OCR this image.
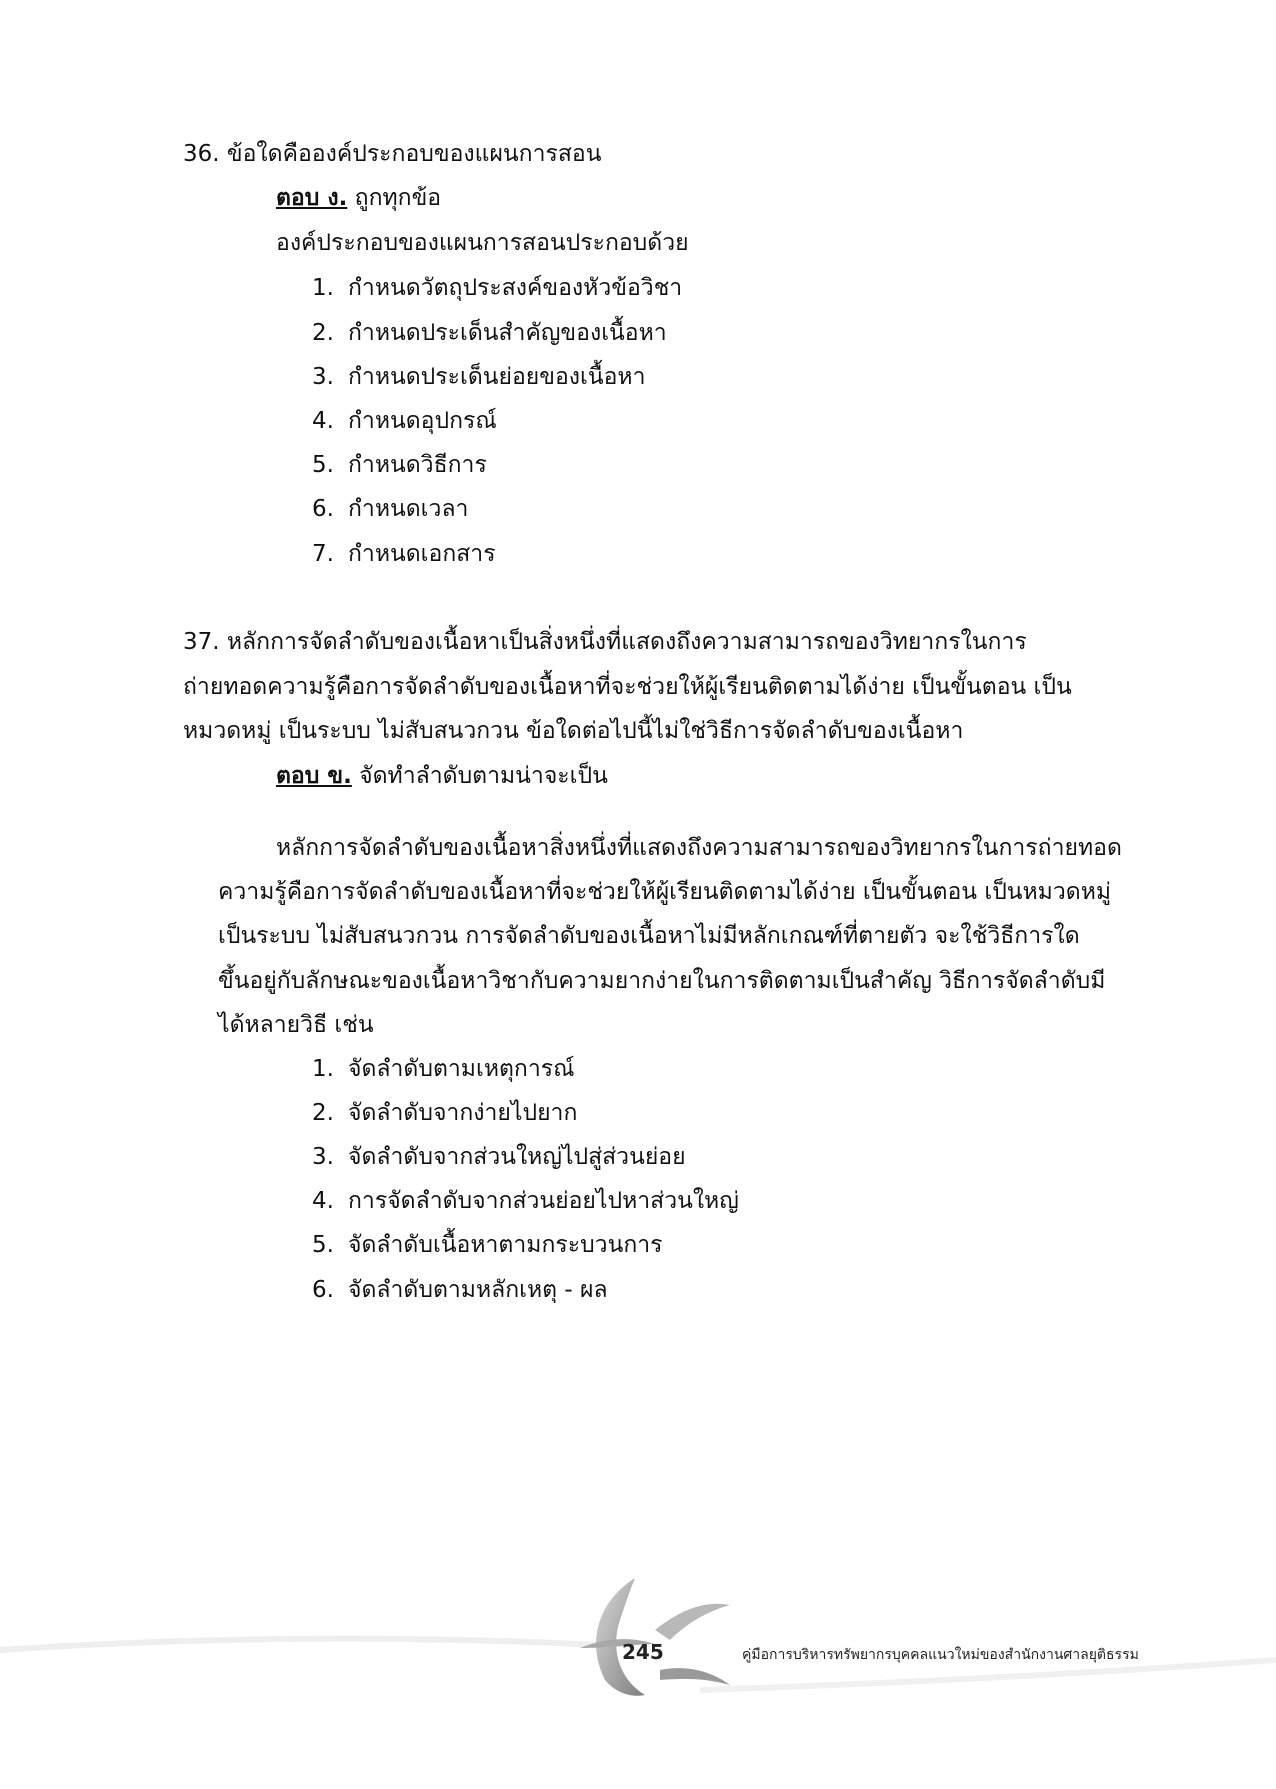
36. ข้อใดคือองค์ประกอบของแผนการสอน
ตอบ ง. ถูกทุกข้อ
องค์ประกอบของแผนการสอนประกอบด้วย
1. กำหนดวัตถุประสงค์ของหัวข้อวิชา
2. กำหนดประเด็นสำคัญของเนื้อหา
3. กำหนดประเด็นย่อยของเนื้อหา
4. กำหนดอุปกรณ์
5. กำหนดวิธีการ
6. กำหนดเวลา
7. กำหนดเอกสาร
37. หลักการจัดลำดับของเนื้อหาเป็นสิ่งหนึ่งที่แสดงถึงความสามารถของวิทยากรในการ
ถ่ายทอดความรู้คือการจัดลำดับของเนื้อหาที่จะช่วยให้ผู้เรียนติดตามได้ง่าย เป็นขั้นตอน เป็น
หมวดหมู่ เป็นระบบ ไม่สับสนวกวน ข้อใดต่อไปนี้ไม่ใช่วิธีการจัดลำดับของเนื้อหา
ตอบ ข. จัดทำลำดับตามน่าจะเป็น
หลักการจัดลำดับของเนื้อหาสิ่งหนึ่งที่แสดงถึงความสามารถของวิทยากรในการถ่ายทอด
ความรู้คือการจัดลำดับของเนื้อหาที่จะช่วยให้ผู้เรียนติดตามได้ง่าย เป็นขั้นตอน เป็นหมวดหมู่
เป็นระบบ ไม่สับสนวกวน การจัดลำดับของเนื้อหาไม่มีหลักเกณฑ์ที่ตายตัว จะใช้วิธีการใด
ขึ้นอยู่กับลักษณะของเนื้อหาวิชากับความยากง่ายในการติดตามเป็นสำคัญ วิธีการจัดลำดับมี
ได้หลายวิธี เช่น
1. จัดลำดับตามเหตุการณ์
2. จัดลำดับจากง่ายไปยาก
3. จัดลำดับจากส่วนใหญ่ไปสู่ส่วนย่อย
4. การจัดลำดับจากส่วนย่อยไปหาส่วนใหญ่
5. จัดลำดับเนื้อหาตามกระบวนการ
6. จัดลำดับตามหลักเหตุ - ผล
245	คู่มือการบริหารทรัพยากรบุคคลแนวใหม่ของสำนักงานศาลยุติธรรม
